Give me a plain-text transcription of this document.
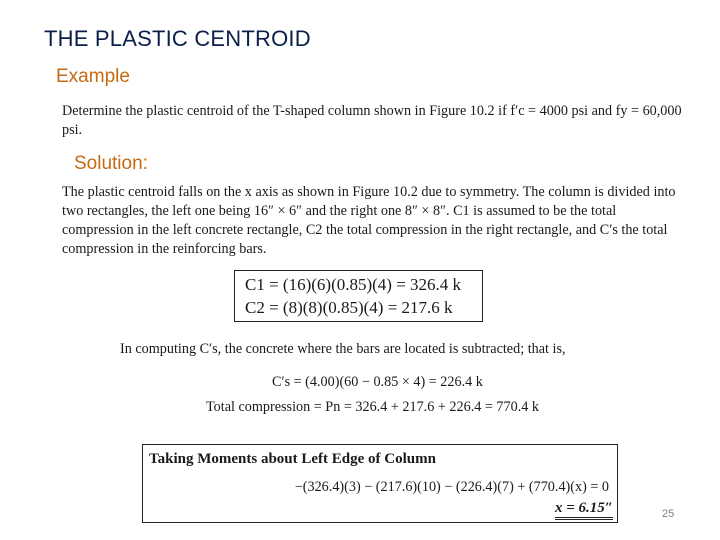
THE PLASTIC CENTROID
Example
Determine the plastic centroid of the T-shaped column shown in Figure 10.2 if f′c = 4000 psi and fy = 60,000 psi.
Solution:
The plastic centroid falls on the x axis as shown in Figure 10.2 due to symmetry. The column is divided into two rectangles, the left one being 16″ × 6″ and the right one 8″ × 8″. C1 is assumed to be the total compression in the left concrete rectangle, C2 the total compression in the right rectangle, and C′s the total compression in the reinforcing bars.
C1 = (16)(6)(0.85)(4) = 326.4 k
C2 = (8)(8)(0.85)(4) = 217.6 k
In computing C′s, the concrete where the bars are located is subtracted; that is,
C′s = (4.00)(60 − 0.85 × 4) = 226.4 k
Total compression = Pn = 326.4 + 217.6 + 226.4 = 770.4 k
Taking Moments about Left Edge of Column
−(326.4)(3) − (217.6)(10) − (226.4)(7) + (770.4)(x) = 0
x = 6.15″	25
